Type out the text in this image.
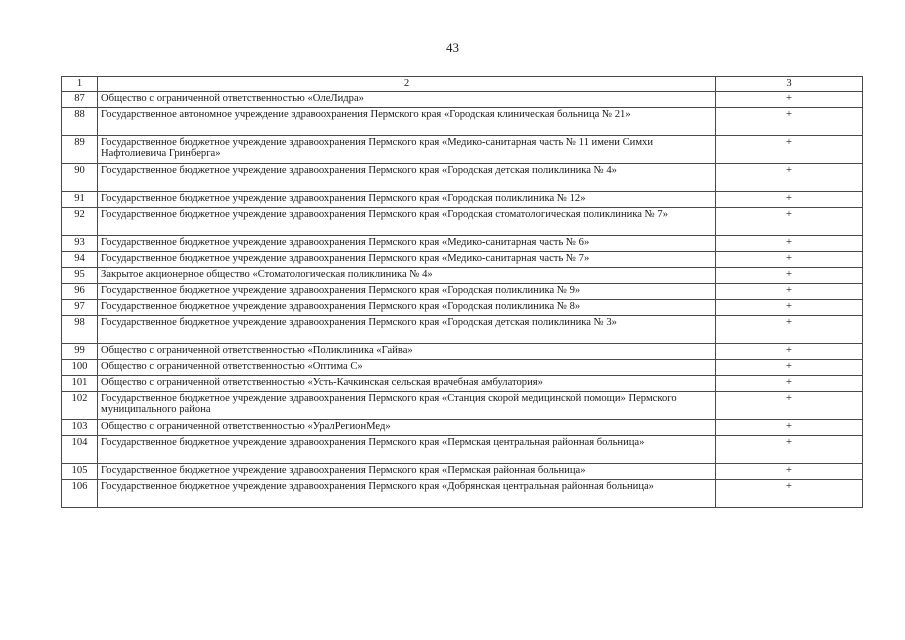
43
1	2	3
87	Общество с ограниченной ответственностью «ОлеЛидра»	+
88	Государственное автономное учреждение здравоохранения Пермского края «Городская клиническая больница № 21»	+
89	Государственное бюджетное учреждение здравоохранения Пермского края «Медико-санитарная часть № 11 имени Симхи Нафтолиевича Гринберга»	+
90	Государственное бюджетное учреждение здравоохранения Пермского края «Городская детская поликлиника № 4»	+
91	Государственное бюджетное учреждение здравоохранения Пермского края «Городская поликлиника № 12»	+
92	Государственное бюджетное учреждение здравоохранения Пермского края «Городская стоматологическая поликлиника № 7»	+
93	Государственное бюджетное учреждение здравоохранения Пермского края «Медико-санитарная часть № 6»	+
94	Государственное бюджетное учреждение здравоохранения Пермского края «Медико-санитарная часть № 7»	+
95	Закрытое акционерное общество «Стоматологическая поликлиника № 4»	+
96	Государственное бюджетное учреждение здравоохранения Пермского края «Городская поликлиника № 9»	+
97	Государственное бюджетное учреждение здравоохранения Пермского края «Городская поликлиника № 8»	+
98	Государственное бюджетное учреждение здравоохранения Пермского края «Городская детская поликлиника № 3»	+
99	Общество с ограниченной ответственностью «Поликлиника «Гайва»	+
100	Общество с ограниченной ответственностью «Оптима С»	+
101	Общество с ограниченной ответственностью «Усть-Качкинская сельская врачебная амбулатория»	+
102	Государственное бюджетное учреждение здравоохранения Пермского края «Станция скорой медицинской помощи» Пермского муниципального района	+
103	Общество с ограниченной ответственностью «УралРегионМед»	+
104	Государственное бюджетное учреждение здравоохранения Пермского края «Пермская центральная районная больница»	+
105	Государственное бюджетное учреждение здравоохранения Пермского края «Пермская районная больница»	+
106	Государственное бюджетное учреждение здравоохранения Пермского края «Добрянская центральная районная больница»	+
